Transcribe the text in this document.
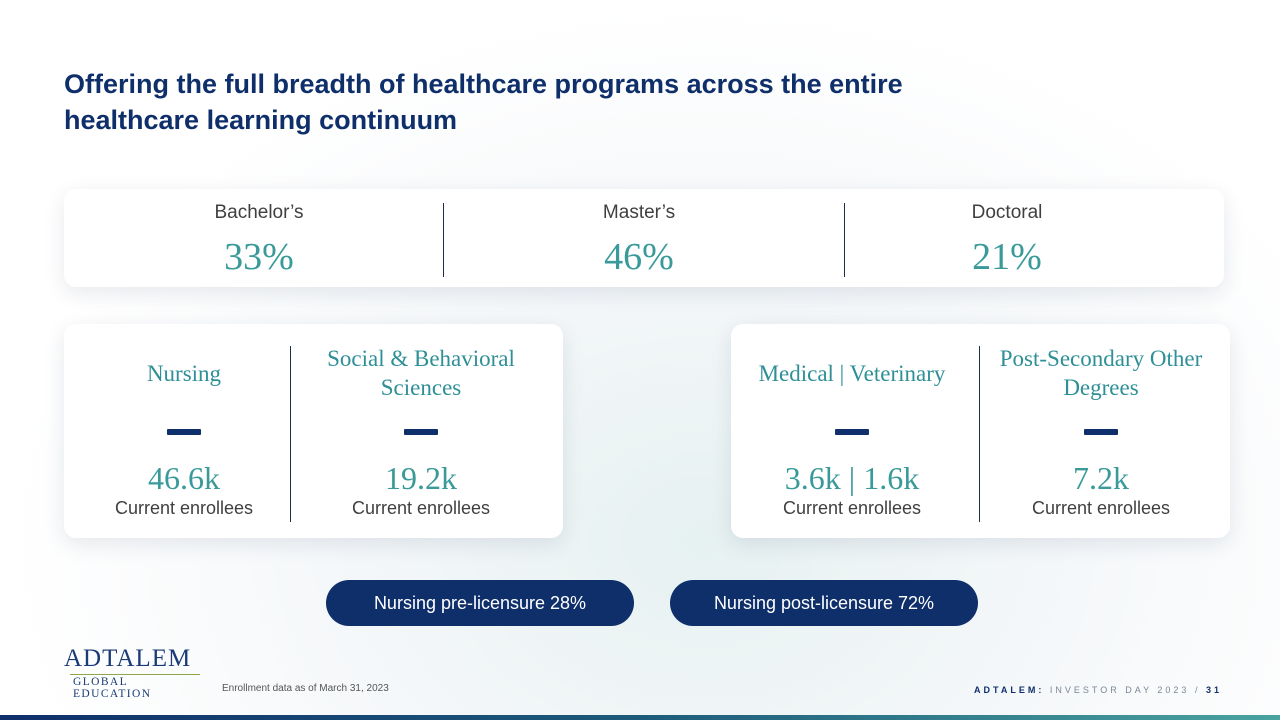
Offering the full breadth of healthcare programs across the entire healthcare learning continuum
Bachelor’s
33%
Master’s
46%
Doctoral
21%
Nursing
46.6k
Current enrollees
Social & Behavioral Sciences
19.2k
Current enrollees
Medical | Veterinary
3.6k | 1.6k
Current enrollees
Post-Secondary Other Degrees
7.2k
Current enrollees
Nursing pre-licensure 28%	Nursing post-licensure 72%
ADTALEM
GLOBAL EDUCATION	Enrollment data as of March 31, 2023	ADTALEM: INVESTOR DAY 2023 / 31
